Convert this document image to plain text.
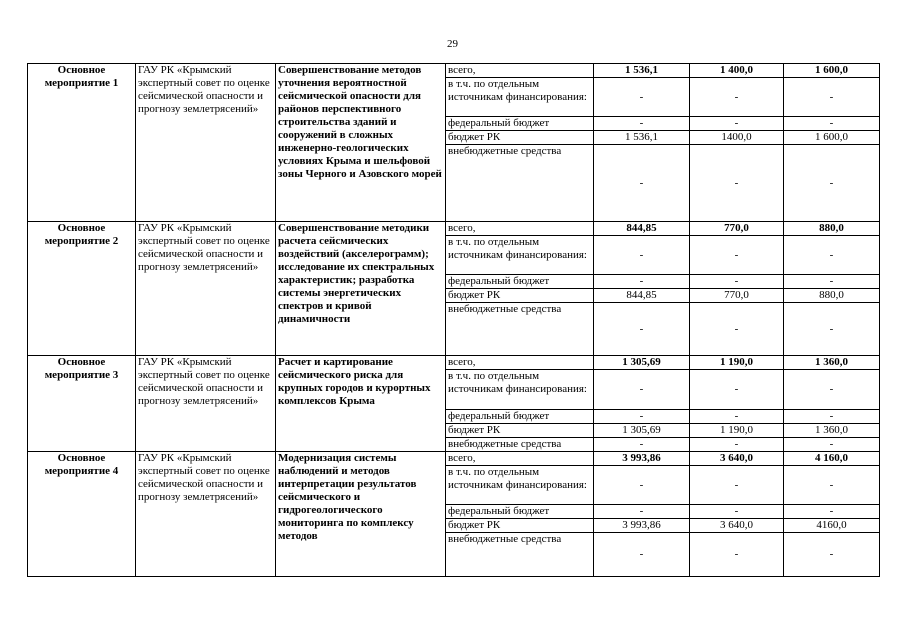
29
Основное мероприятие 1	ГАУ РК «Крымский экспертный совет по оценке сейсмической опасности и прогнозу землетрясений»	Совершенствование методов уточнения вероятностной сейсмической опасности для районов перспективного строительства зданий и сооружений в сложных инженерно-геологических условиях Крыма и шельфовой зоны Черного и Азовского морей	всего,	1 536,1	1 400,0	1 600,0
			в т.ч. по отдельным источникам финансирования:	-	-	-
			федеральный бюджет	-	-	-
			бюджет РК	1 536,1	1400,0	1 600,0
			внебюджетные средства	-	-	-
Основное мероприятие 2	ГАУ РК «Крымский экспертный совет по оценке сейсмической опасности и прогнозу землетрясений»	Совершенствование методики расчета сейсмических воздействий (акселерограмм); исследование их спектральных характеристик; разработка системы энергетических спектров и кривой динамичности	всего,	844,85	770,0	880,0
			в т.ч. по отдельным источникам финансирования:	-	-	-
			федеральный бюджет	-	-	-
			бюджет РК	844,85	770,0	880,0
			внебюджетные средства	-	-	-
Основное мероприятие 3	ГАУ РК «Крымский экспертный совет по оценке сейсмической опасности и прогнозу землетрясений»	Расчет и картирование сейсмического риска для крупных городов и курортных комплексов Крыма	всего,	1 305,69	1 190,0	1 360,0
			в т.ч. по отдельным источникам финансирования:	-	-	-
			федеральный бюджет	-	-	-
			бюджет РК	1 305,69	1 190,0	1 360,0
			внебюджетные средства	-	-	-
Основное мероприятие 4	ГАУ РК «Крымский экспертный совет по оценке сейсмической опасности и прогнозу землетрясений»	Модернизация системы наблюдений и методов интерпретации результатов сейсмического и гидрогеологического мониторинга по комплексу методов	всего,	3 993,86	3 640,0	4 160,0
			в т.ч. по отдельным источникам финансирования:	-	-	-
			федеральный бюджет	-	-	-
			бюджет РК	3 993,86	3 640,0	4160,0
			внебюджетные средства	-	-	-
